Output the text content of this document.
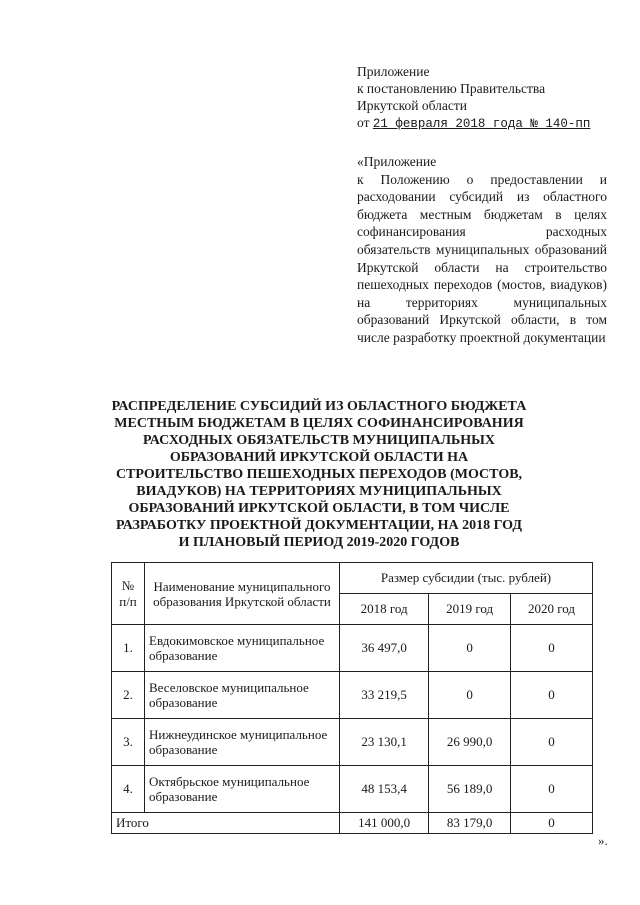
Приложение
к постановлению Правительства
Иркутской области
от 21 февраля 2018 года № 140-пп
«Приложение
к Положению о предоставлении и расходовании субсидий из областного бюджета местным бюджетам в целях софинансирования расходных обязательств муниципальных образований Иркутской области на строительство пешеходных переходов (мостов, виадуков) на территориях муниципальных образований Иркутской области, в том числе разработку проектной документации
РАСПРЕДЕЛЕНИЕ СУБСИДИЙ ИЗ ОБЛАСТНОГО БЮДЖЕТА МЕСТНЫМ БЮДЖЕТАМ В ЦЕЛЯХ СОФИНАНСИРОВАНИЯ РАСХОДНЫХ ОБЯЗАТЕЛЬСТВ МУНИЦИПАЛЬНЫХ ОБРАЗОВАНИЙ ИРКУТСКОЙ ОБЛАСТИ НА СТРОИТЕЛЬСТВО ПЕШЕХОДНЫХ ПЕРЕХОДОВ (МОСТОВ, ВИАДУКОВ) НА ТЕРРИТОРИЯХ МУНИЦИПАЛЬНЫХ ОБРАЗОВАНИЙ ИРКУТСКОЙ ОБЛАСТИ, В ТОМ ЧИСЛЕ РАЗРАБОТКУ ПРОЕКТНОЙ ДОКУМЕНТАЦИИ, НА 2018 ГОД И ПЛАНОВЫЙ ПЕРИОД 2019-2020 ГОДОВ
№ п/п	Наименование муниципального образования Иркутской области	Размер субсидии (тыс. рублей)		
		2018 год	2019 год	2020 год
1.	Евдокимовское муниципальное образование	36 497,0	0	0
2.	Веселовское муниципальное образование	33 219,5	0	0
3.	Нижнеудинское муниципальное образование	23 130,1	26 990,0	0
4.	Октябрьское муниципальное образование	48 153,4	56 189,0	0
Итого		141 000,0	83 179,0	0
».
